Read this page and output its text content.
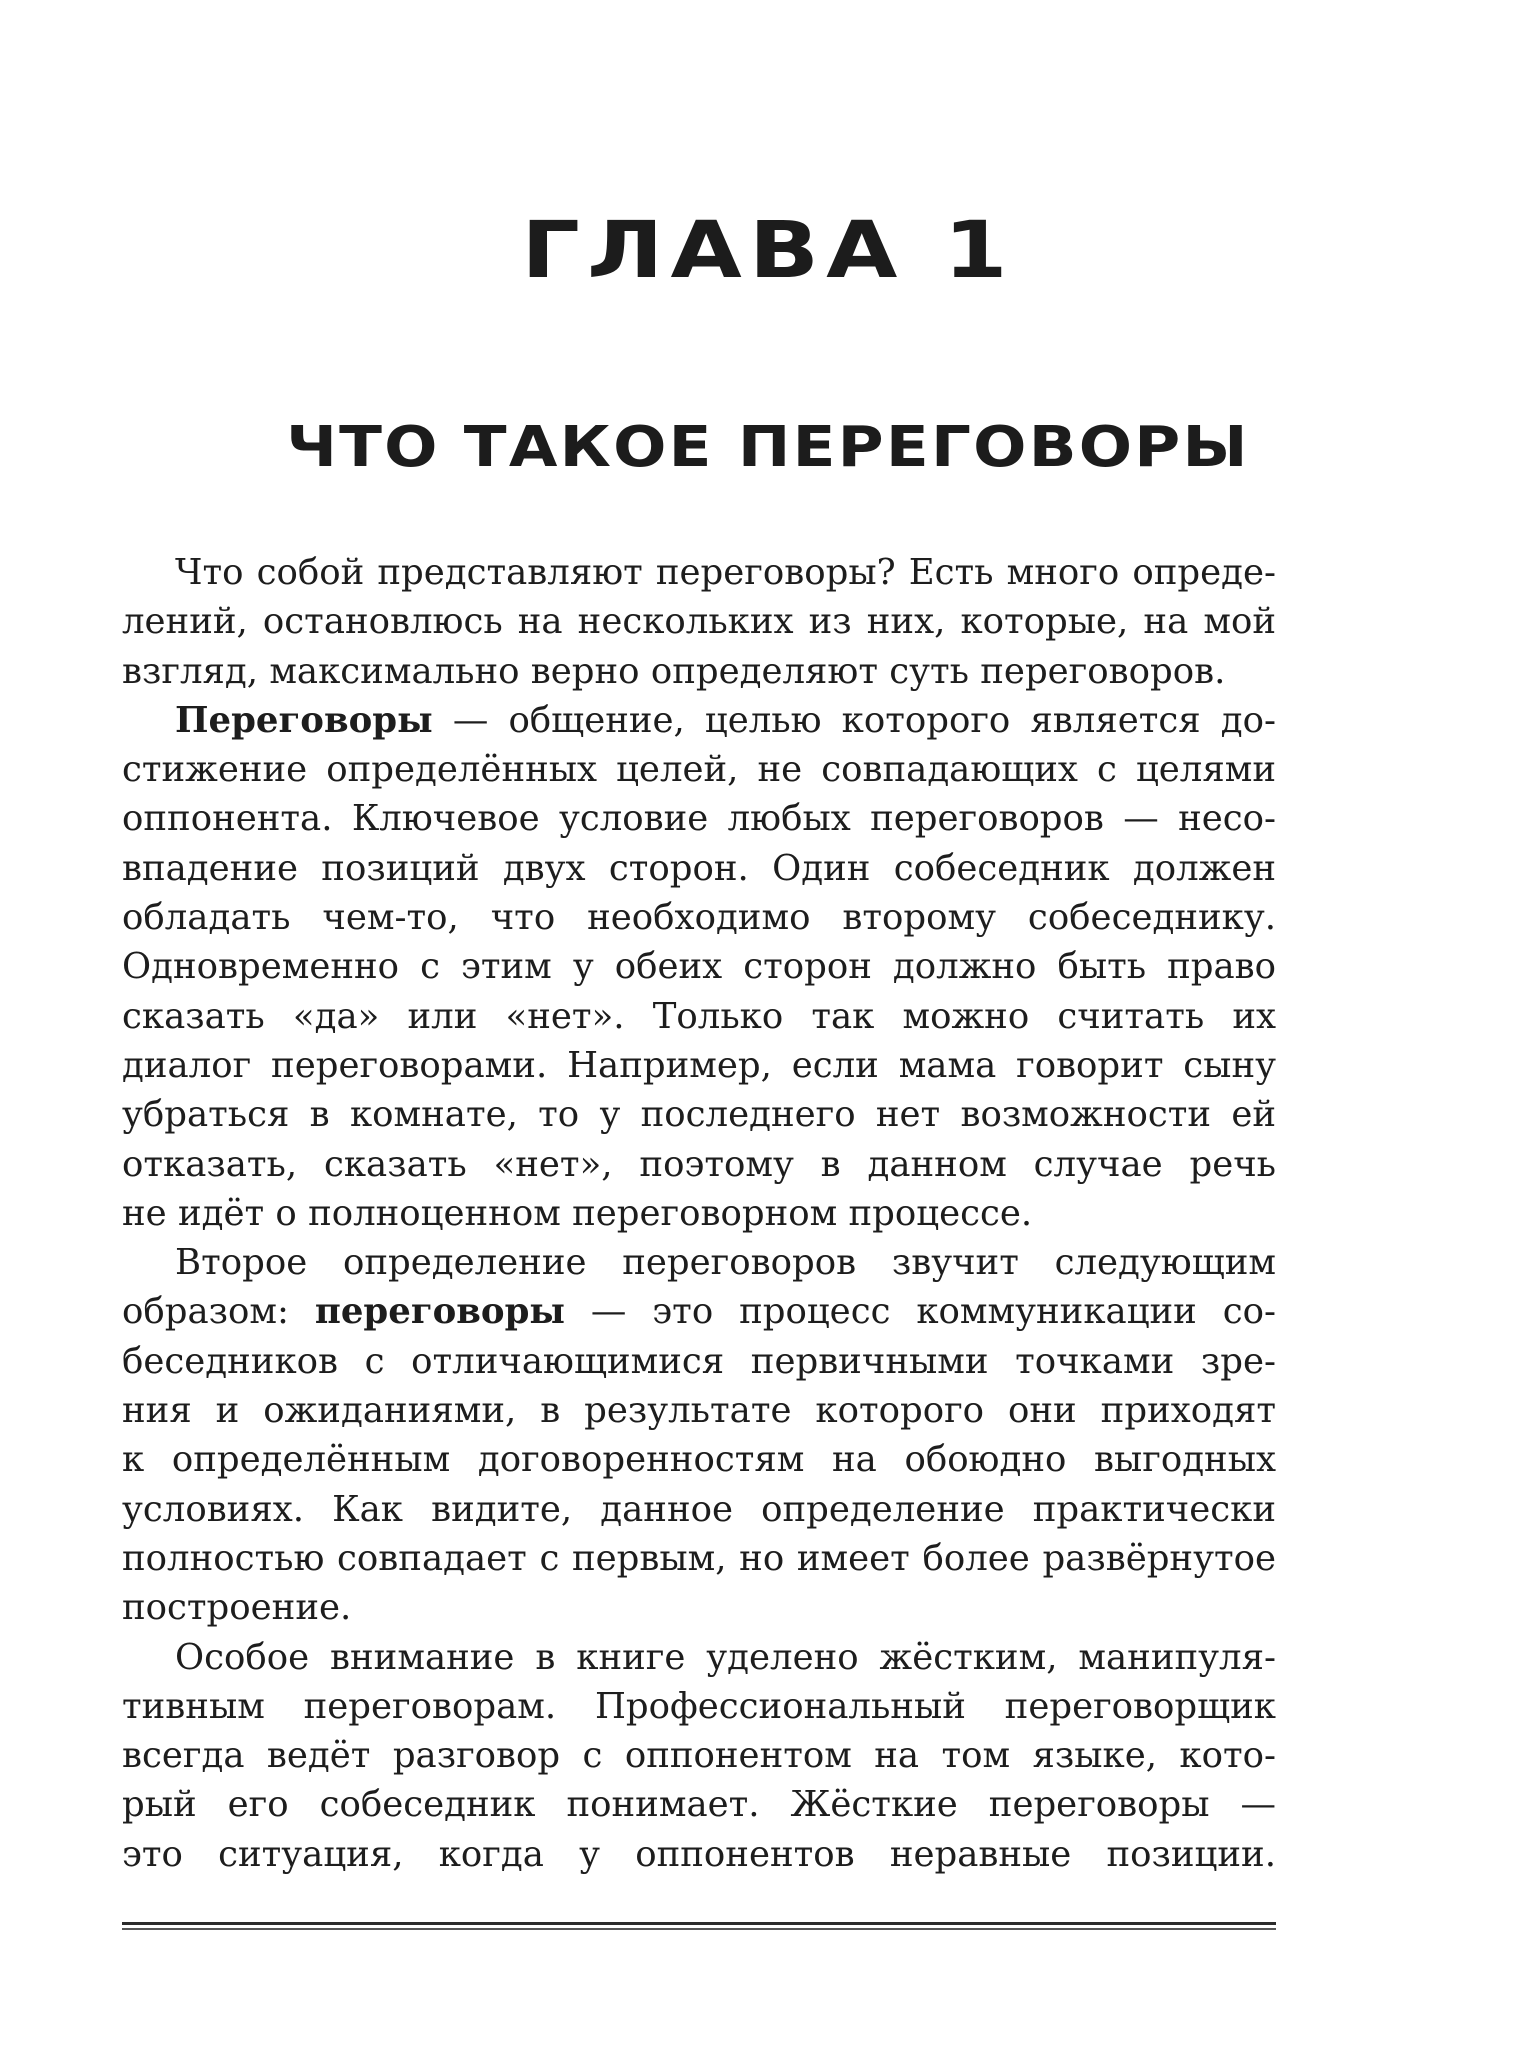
ГЛАВА 1
ЧТО ТАКОЕ ПЕРЕГОВОРЫ
Что собой представляют переговоры? Есть много опреде-
лений, остановлюсь на нескольких из них, которые, на мой
взгляд, максимально верно определяют суть переговоров.
Переговоры — общение, целью которого является до-
стижение определённых целей, не совпадающих с целями
оппонента. Ключевое условие любых переговоров — несо-
впадение позиций двух сторон. Один собеседник должен
обладать чем-то, что необходимо второму собеседнику.
Одновременно с этим у обеих сторон должно быть право
сказать «да» или «нет». Только так можно считать их
диалог переговорами. Например, если мама говорит сыну
убраться в комнате, то у последнего нет возможности ей
отказать, сказать «нет», поэтому в данном случае речь
не идёт о полноценном переговорном процессе.
Второе определение переговоров звучит следующим
образом: переговоры — это процесс коммуникации со-
беседников с отличающимися первичными точками зре-
ния и ожиданиями, в результате которого они приходят
к определённым договоренностям на обоюдно выгодных
условиях. Как видите, данное определение практически
полностью совпадает с первым, но имеет более развёрнутое
построение.
Особое внимание в книге уделено жёстким, манипуля-
тивным переговорам. Профессиональный переговорщик
всегда ведёт разговор с оппонентом на том языке, кото-
рый его собеседник понимает. Жёсткие переговоры —
это ситуация, когда у оппонентов неравные позиции.
